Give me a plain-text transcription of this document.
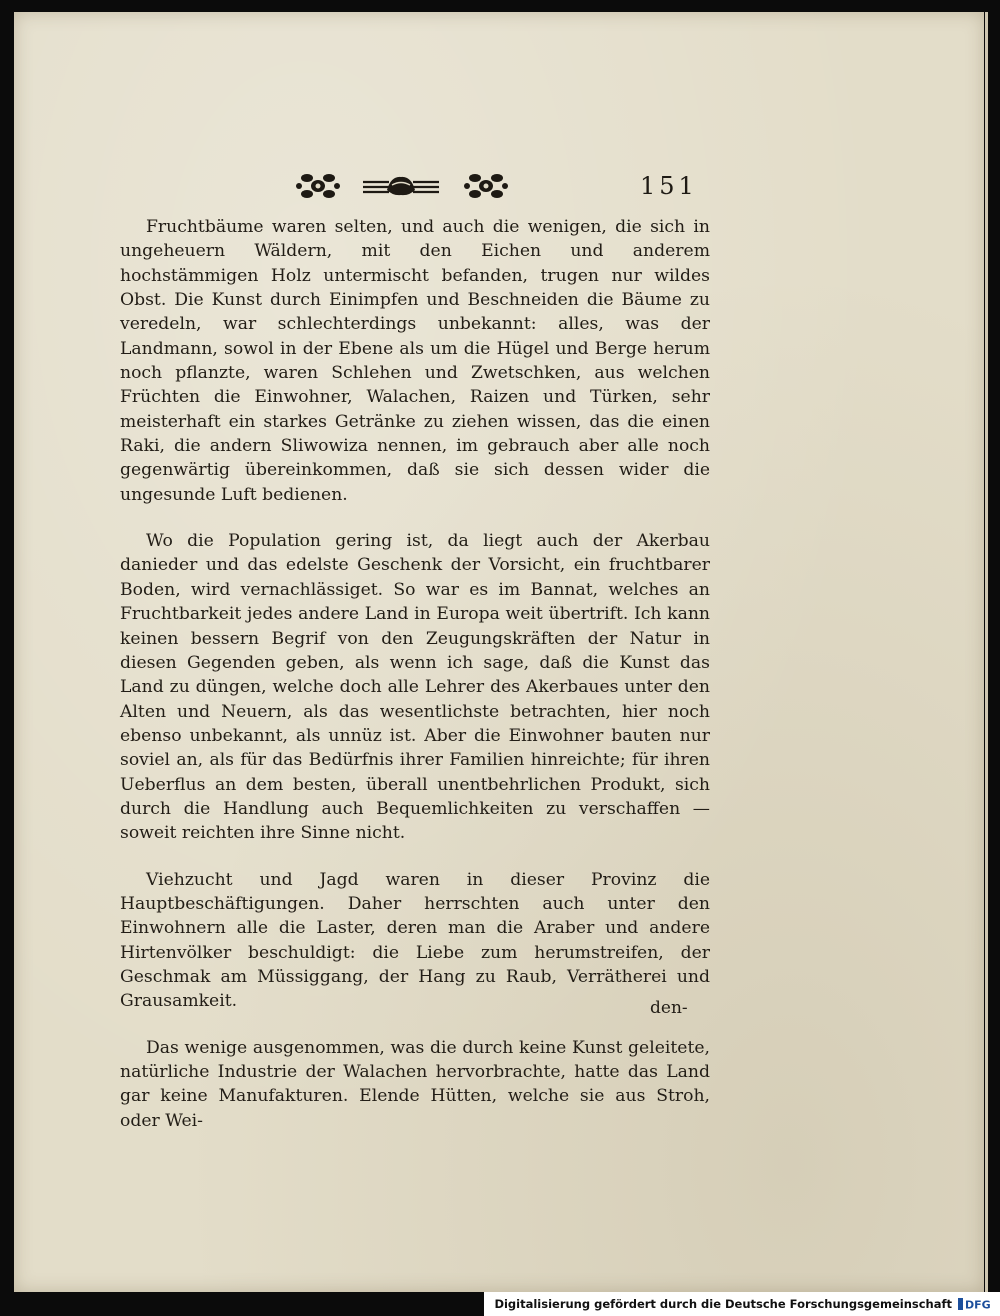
151

Fruchtbäume waren selten, und auch die wenigen, die sich in ungeheuern Wäldern, mit den Eichen und anderem hochstämmigen Holz untermischt befanden, trugen nur wildes Obst. Die Kunst durch Einimpfen und Beschneiden die Bäume zu veredeln, war schlechterdings unbekannt: alles, was der Landmann, sowol in der Ebene als um die Hügel und Berge herum noch pflanzte, waren Schlehen und Zwetschken, aus welchen Früchten die Einwohner, Walachen, Raizen und Türken, sehr meisterhaft ein starkes Getränke zu ziehen wissen, das die einen Raki, die andern Sliwowiza nennen, im gebrauch aber alle noch gegenwärtig übereinkommen, daß sie sich dessen wider die ungesunde Luft bedienen.

Wo die Population gering ist, da liegt auch der Akerbau danieder und das edelste Geschenk der Vorsicht, ein fruchtbarer Boden, wird vernachlässiget. So war es im Bannat, welches an Fruchtbarkeit jedes andere Land in Europa weit übertrift. Ich kann keinen bessern Begrif von den Zeugungskräften der Natur in diesen Gegenden geben, als wenn ich sage, daß die Kunst das Land zu düngen, welche doch alle Lehrer des Akerbaues unter den Alten und Neuern, als das wesentlichste betrachten, hier noch ebenso unbekannt, als unnüz ist. Aber die Einwohner bauten nur soviel an, als für das Bedürfnis ihrer Familien hinreichte; für ihren Ueberflus an dem besten, überall unentbehrlichen Produkt, sich durch die Handlung auch Bequemlichkeiten zu verschaffen — soweit reichten ihre Sinne nicht.

Viehzucht und Jagd waren in dieser Provinz die Hauptbeschäftigungen. Daher herrschten auch unter den Einwohnern alle die Laster, deren man die Araber und andere Hirtenvölker beschuldigt: die Liebe zum herumstreifen, der Geschmak am Müssiggang, der Hang zu Raub, Verrätherei und Grausamkeit.

Das wenige ausgenommen, was die durch keine Kunst geleitete, natürliche Industrie der Walachen hervorbrachte, hatte das Land gar keine Manufakturen. Elende Hütten, welche sie aus Stroh, oder Wei-

den-
Digitalisierung gefördert durch die Deutsche Forschungsgemeinschaft DFG
